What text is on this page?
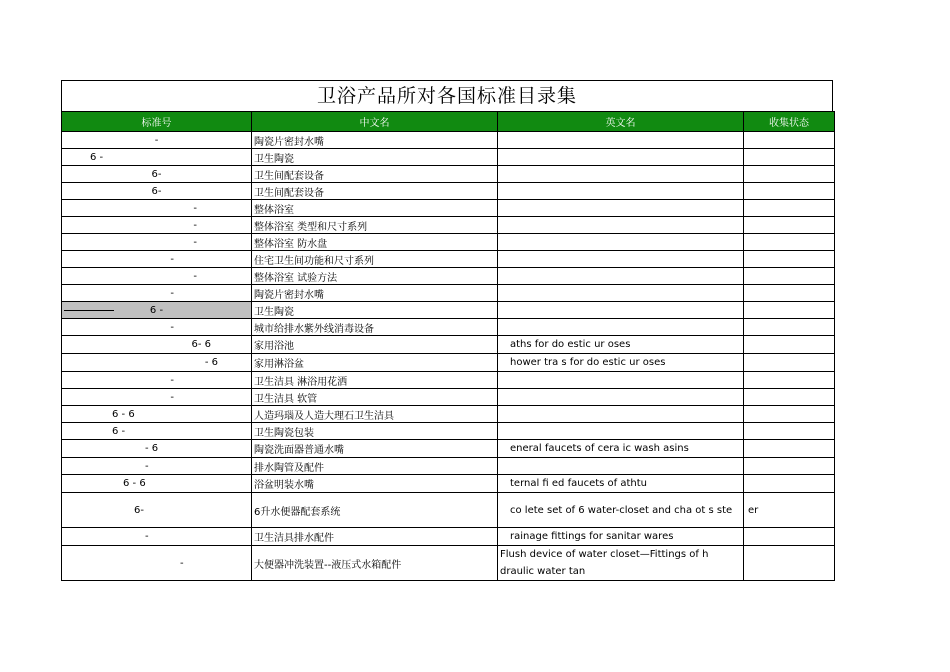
卫浴产品所对各国标准目录集
标准号	中文名	英文名	收集状态
-	陶瓷片密封水嘴		
6 -	卫生陶瓷		
6-	卫生间配套设备		
6-	卫生间配套设备		
-	整体浴室		
-	整体浴室 类型和尺寸系列		
-	整体浴室 防水盘		
-	住宅卫生间功能和尺寸系列		
-	整体浴室 试验方法		
-	陶瓷片密封水嘴		

6 -	卫生陶瓷		
-	城市给排水紫外线消毒设备		
6- 6	家用浴池	aths for do estic ur oses	
- 6	家用淋浴盆	hower tra s for do estic ur oses	
-	卫生洁具 淋浴用花洒		
-	卫生洁具 软管		
6 - 6	人造玛瑙及人造大理石卫生洁具		
6 -	卫生陶瓷包装		
- 6	陶瓷洗面器普通水嘴	eneral faucets of cera ic wash asins	
-	排水陶管及配件		
6 - 6	浴盆明装水嘴	ternal fi ed faucets of athtu	
6-	6升水便器配套系统	co lete set of 6 water-closet and cha ot s ste	er
-	卫生洁具排水配件	rainage fittings for sanitar wares	
-	大便器冲洗装置--液压式水箱配件	Flush device of water closet—Fittings of h draulic water tan	
